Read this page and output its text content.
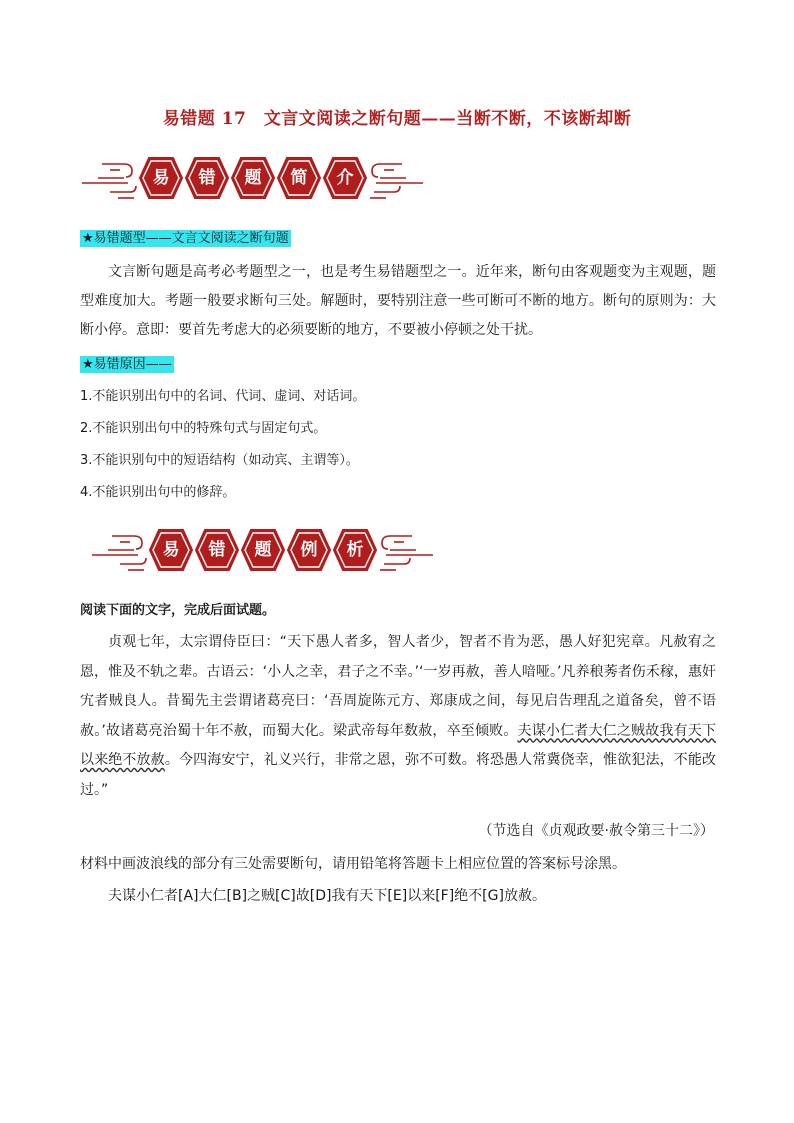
易错题 17　文言文阅读之断句题——当断不断，不该断却断
易	错	题	简	介
★易错题型——文言文阅读之断句题
文言断句题是高考必考题型之一，也是考生易错题型之一。近年来，断句由客观题变为主观题，题型难度加大。考题一般要求断句三处。解题时，要特别注意一些可断可不断的地方。断句的原则为：大断小停。意即：要首先考虑大的必须要断的地方，不要被小停顿之处干扰。
★易错原因——
1.不能识别出句中的名词、代词、虚词、对话词。
2.不能识别出句中的特殊句式与固定句式。
3.不能识别句中的短语结构（如动宾、主谓等）。
4.不能识别出句中的修辞。
易	错	题	例	析
阅读下面的文字，完成后面试题。
贞观七年，太宗谓侍臣曰：“天下愚人者多，智人者少，智者不肯为恶，愚人好犯宪章。凡赦宥之恩，惟及不轨之辈。古语云：‘小人之幸，君子之不幸。’‘一岁再赦，善人喑哑。’凡养稂莠者伤禾稼，惠奸宄者贼良人。昔蜀先主尝谓诸葛亮曰：‘吾周旋陈元方、郑康成之间，每见启告理乱之道备矣，曾不语赦。’故诸葛亮治蜀十年不赦，而蜀大化。梁武帝每年数赦，卒至倾败。夫谋小仁者大仁之贼故我有天下以来绝不放赦。今四海安宁，礼义兴行，非常之恩，弥不可数。将恐愚人常冀侥幸，惟欲犯法，不能改过。”
（节选自《贞观政要·赦令第三十二》）
材料中画波浪线的部分有三处需要断句，请用铅笔将答题卡上相应位置的答案标号涂黑。
夫谋小仁者[A]大仁[B]之贼[C]故[D]我有天下[E]以来[F]绝不[G]放赦。
